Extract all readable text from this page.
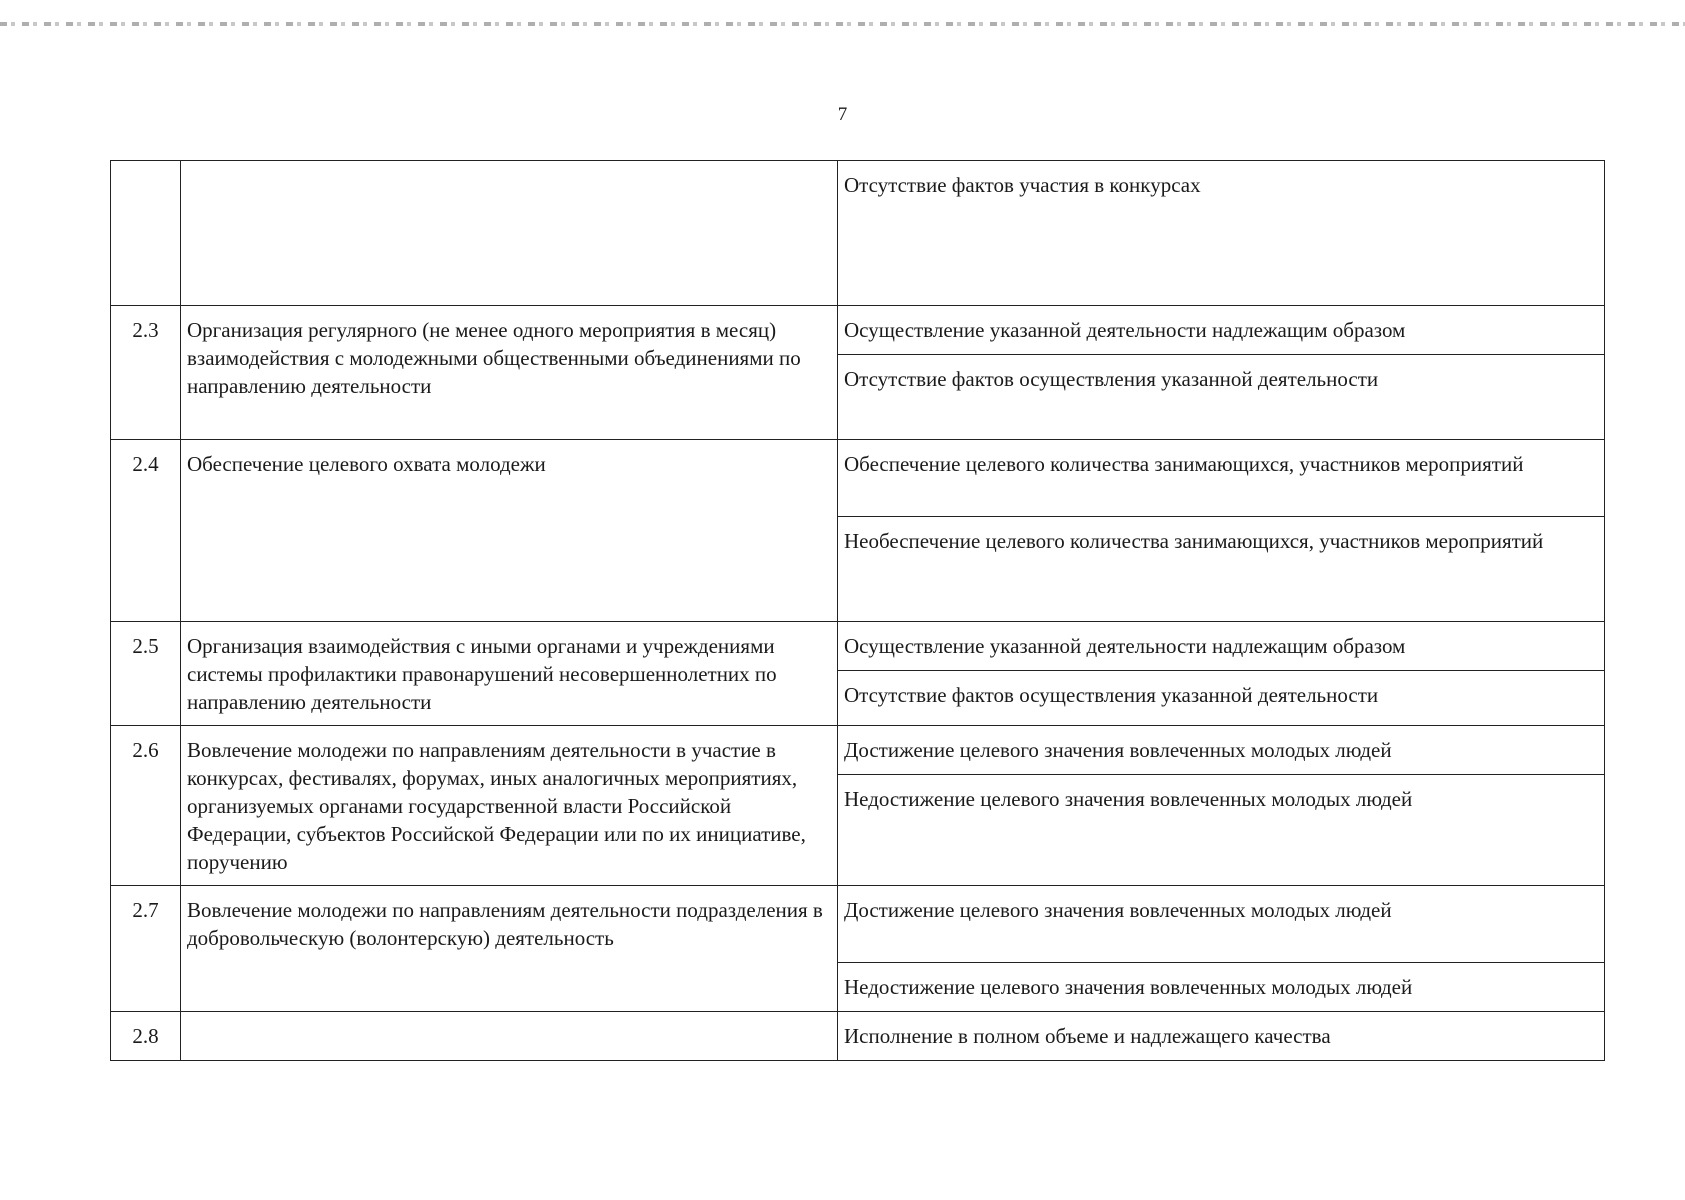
7
		Отсутствие фактов участия в конкурсах
2.3	Организация регулярного (не менее одного мероприятия в месяц) взаимодействия с молодежными общественными объединениями по направлению деятельности	Осуществление указанной деятельности надлежащим образом
		Отсутствие фактов осуществления указанной деятельности
2.4	Обеспечение целевого охвата молодежи	Обеспечение целевого количества занимающихся, участников мероприятий
		Необеспечение целевого количества занимающихся, участников мероприятий
2.5	Организация взаимодействия с иными органами и учреждениями системы профилактики правонарушений несовершеннолетних по направлению деятельности	Осуществление указанной деятельности надлежащим образом
		Отсутствие фактов осуществления указанной деятельности
2.6	Вовлечение молодежи по направлениям деятельности в участие в конкурсах, фестивалях, форумах, иных аналогичных мероприятиях, организуемых органами государственной власти Российской Федерации, субъектов Российской Федерации или по их инициативе, поручению	Достижение целевого значения вовлеченных молодых людей
		Недостижение целевого значения вовлеченных молодых людей
2.7	Вовлечение молодежи по направлениям деятельности подразделения в добровольческую (волонтерскую) деятельность	Достижение целевого значения вовлеченных молодых людей
		Недостижение целевого значения вовлеченных молодых людей
2.8		Исполнение в полном объеме и надлежащего качества
